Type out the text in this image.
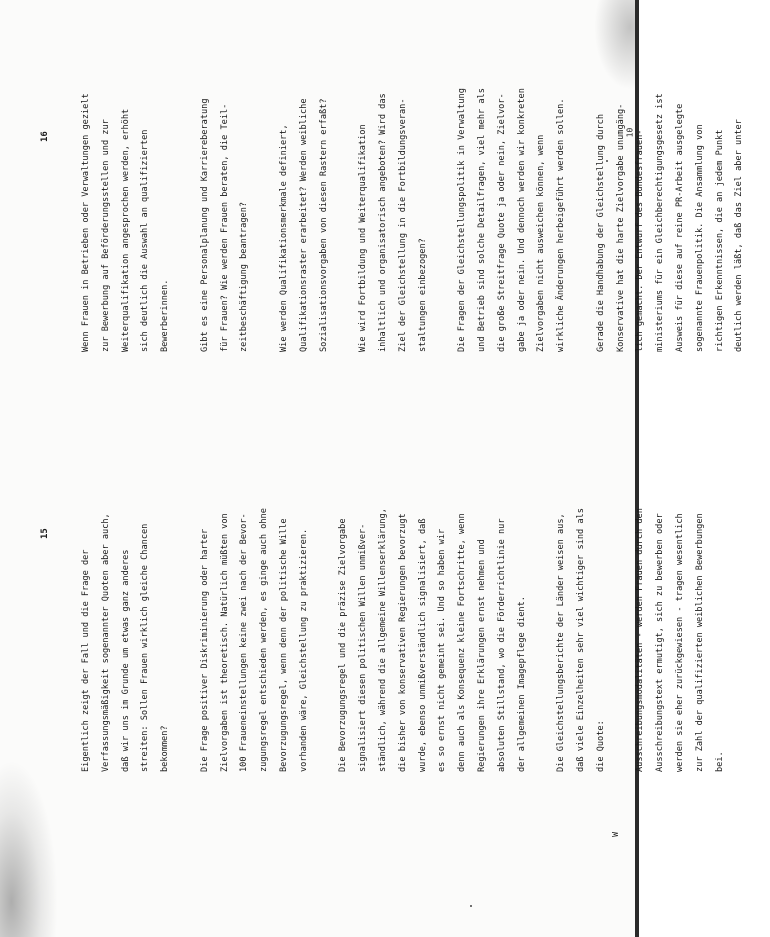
W
10
15

Eigentlich zeigt der Fall und die Frage der	Verfassungsmäßigkeit sogenannter Quoten aber auch,	daß wir uns im Grunde um etwas ganz anderes	streiten: Sollen Frauen wirklich gleiche Chancen	bekommen?	Die Frage positiver Diskriminierung oder harter	Zielvorgaben ist theoretisch. Natürlich müßten von	100 Fraueneinstellungen keine zwei nach der Bevor-	zugungsregel entschieden werden, es ginge auch ohne	Bevorzugungsregel, wenn denn der politische Wille	vorhanden wäre, Gleichstellung zu praktizieren.	Die Bevorzugungsregel und die präzise Zielvorgabe	signalisiert diesen politischen Willen unmißver-	ständlich, während die allgemeine Willenserklärung,	die bisher von konservativen Regierungen bevorzugt	wurde, ebenso unmißverständlich signalisiert, daß	es so ernst nicht gemeint sei. Und so haben wir	denn auch als Konsequenz kleine Fortschritte, wenn	Regierungen ihre Erklärungen ernst nehmen und	absoluten Stillstand, wo die Förderrichtlinie nur	der allgemeinen Imagepflege dient.	Die Gleichstellungsberichte der Länder weisen aus,	daß viele Einzelheiten sehr viel wichtiger sind als	die Quote:	Ausschreibungsmodalitäten - werden Frauen durch den	Ausschreibungstext ermutigt, sich zu bewerben oder	werden sie eher zurückgewiesen - tragen wesentlich	zur Zahl der qualifizierten weiblichen Bewerbungen	bei.

16	Wenn Frauen in Betrieben oder Verwaltungen gezielt	zur Bewerbung auf Beförderungsstellen und zur	Weiterqualifikation angesprochen werden, erhöht	sich deutlich die Auswahl an qualifizierten	Bewerberinnen.	Gibt es eine Personalplanung und Karriereberatung	für Frauen? Wie werden Frauen beraten, die Teil-	zeitbeschäftigung beantragen?	Wie werden Qualifikationsmerkmale definiert,	Qualifikationsraster erarbeitet? Werden weibliche	Sozialisationsvorgaben von diesen Rastern erfaßt?	Wie wird Fortbildung und Weiterqualifikation	inhaltlich und organisatorisch angeboten? Wird das	Ziel der Gleichstellung in die Fortbildungsveran-	staltungen einbezogen?	Die Fragen der Gleichstellungspolitik in Verwaltung	und Betrieb sind solche Detailfragen, viel mehr als	die große Streitfrage Quote ja oder nein, Zielvor-	gabe ja oder nein. Und dennoch werden wir konkreten	Zielvorgaben nicht ausweichen können, wenn	wirkliche Änderungen herbeigeführt werden sollen.	Gerade die Handhabung der Gleichstellung durch	Konservative hat die harte Zielvorgabe unumgäng-	lich gemacht. Der Entwurf des Bundesfrauen-	ministeriums für ein Gleichberechtigungsgesetz ist	Ausweis für diese auf reine PR-Arbeit ausgelegte	sogenannte Frauenpolitik. Die Ansammlung von	richtigen Erkenntnissen, die an jedem Punkt	deutlich werden läßt, daß das Ziel aber unter
